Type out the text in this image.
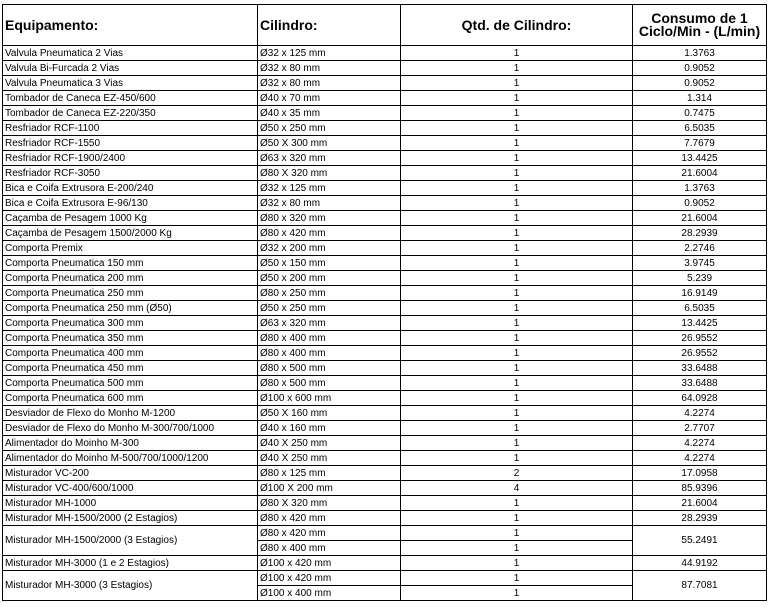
Equipamento:	Cilindro:	Qtd. de Cilindro:	Consumo de 1
Ciclo/Min - (L/min)

Valvula Pneumatica 2 Vias	Ø32 x 125 mm	1	1.3763
Valvula Bi-Furcada 2 Vias	Ø32 x 80 mm	1	0.9052
Valvula Pneumatica 3 Vias	Ø32 x 80 mm	1	0.9052
Tombador de Caneca EZ-450/600	Ø40 x 70 mm	1	1.314
Tombador de Caneca EZ-220/350	Ø40 x 35 mm	1	0.7475
Resfriador RCF-1100	Ø50 x 250 mm	1	6.5035
Resfriador RCF-1550	Ø50 X 300 mm	1	7.7679
Resfriador RCF-1900/2400	Ø63 x 320 mm	1	13.4425
Resfriador RCF-3050	Ø80 X 320 mm	1	21.6004
Bica e Coifa Extrusora E-200/240	Ø32 x 125 mm	1	1.3763
Bica e Coifa Extrusora E-96/130	Ø32 x 80 mm	1	0.9052
Caçamba de Pesagem 1000 Kg	Ø80 x 320 mm	1	21.6004
Caçamba de Pesagem 1500/2000 Kg	Ø80 x 420 mm	1	28.2939
Comporta Premix	Ø32 x 200 mm	1	2.2746
Comporta Pneumatica 150 mm	Ø50 x 150 mm	1	3.9745
Comporta Pneumatica 200 mm	Ø50 x 200 mm	1	5.239
Comporta Pneumatica 250 mm	Ø80 x 250 mm	1	16.9149
Comporta Pneumatica 250 mm (Ø50)	Ø50 x 250 mm	1	6.5035
Comporta Pneumatica 300 mm	Ø63 x 320 mm	1	13.4425
Comporta Pneumatica 350 mm	Ø80 x 400 mm	1	26.9552
Comporta Pneumatica 400 mm	Ø80 x 400 mm	1	26.9552
Comporta Pneumatica 450 mm	Ø80 x 500 mm	1	33.6488
Comporta Pneumatica 500 mm	Ø80 x 500 mm	1	33.6488
Comporta Pneumatica 600 mm	Ø100 x 600 mm	1	64.0928
Desviador de Flexo do Monho M-1200	Ø50 X 160 mm	1	4.2274
Desviador de Flexo do Monho M-300/700/1000	Ø40 x 160 mm	1	2.7707
Alimentador do Moinho M-300	Ø40 X 250 mm	1	4.2274
Alimentador do Moinho M-500/700/1000/1200	Ø40 X 250 mm	1	4.2274
Misturador VC-200	Ø80 x 125 mm	2	17.0958
Misturador VC-400/600/1000	Ø100 X 200 mm	4	85.9396
Misturador MH-1000	Ø80 X 320 mm	1	21.6004
Misturador MH-1500/2000 (2 Estagios)	Ø80 x 420 mm	1	28.2939
Misturador MH-1500/2000 (3 Estagios)	Ø80 x 420 mm	1	55.2491
	Ø80 x 400 mm	1	
Misturador MH-3000 (1 e 2 Estagios)	Ø100 x 420 mm	1	44.9192
Misturador MH-3000 (3 Estagios)	Ø100 x 420 mm	1	87.7081
	Ø100 x 400 mm	1	
